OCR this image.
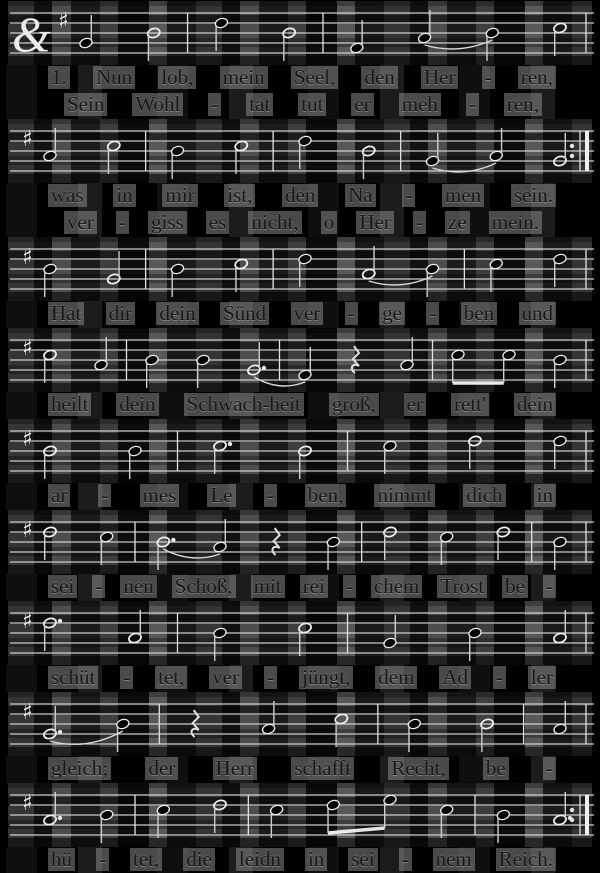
& ♯
1. Nun lob, mein Seel, den Her - ren,
Sein Wohl - tat tut er meh - ren,
♯
was in mir ist, den Na - men sein.
ver - giss es nicht, o Her - ze mein.
♯
Hat dir dein Sünd ver - ge - ben und
♯
heilt dein Schwach-heit groß, er rett' dein
♯
ar - mes Le - ben, nimmt dich in
♯
sei - nen Schoß, mit rei - chem Trost be -
♯
schüt - tet, ver - jüngt, dem Ad - ler
♯
gleich; der Herr schafft Recht, be -
♯
hü - tet, die leidn in sei - nem Reich.
